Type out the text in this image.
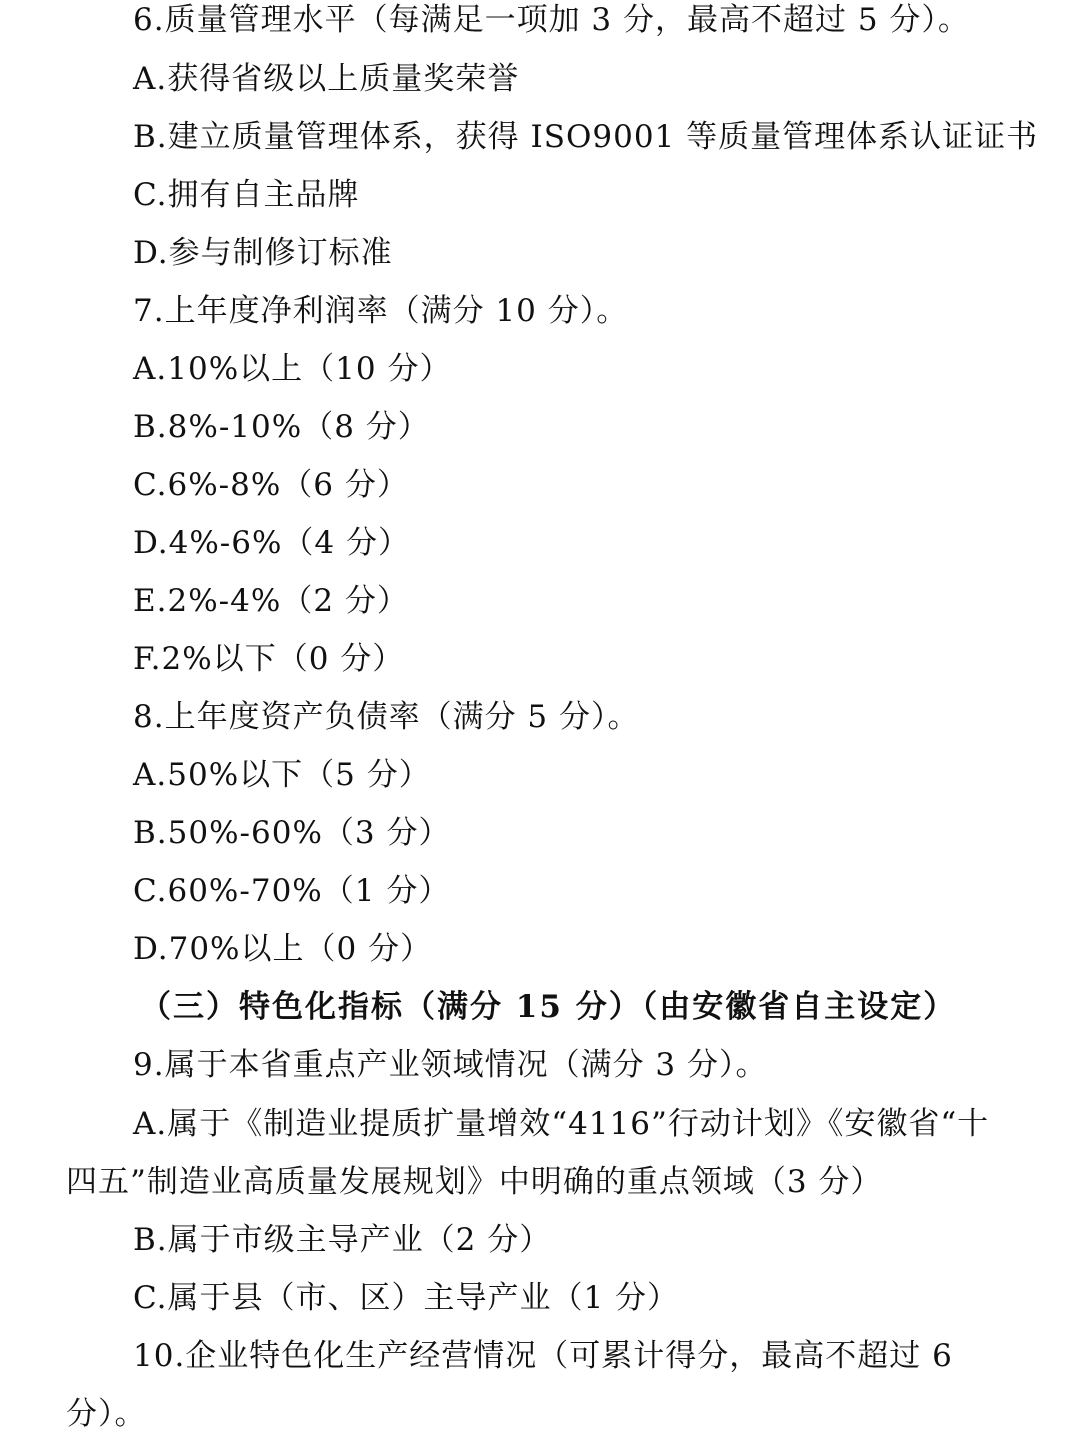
6.质量管理水平（每满足一项加 3 分，最高不超过 5 分）。
A.获得省级以上质量奖荣誉
B.建立质量管理体系，获得 ISO9001 等质量管理体系认证证书
C.拥有自主品牌
D.参与制修订标准
7.上年度净利润率（满分 10 分）。
A.10%以上（10 分）
B.8%-10%（8 分）
C.6%-8%（6 分）
D.4%-6%（4 分）
E.2%-4%（2 分）
F.2%以下（0 分）
8.上年度资产负债率（满分 5 分）。
A.50%以下（5 分）
B.50%-60%（3 分）
C.60%-70%（1 分）
D.70%以上（0 分）
（三）特色化指标（满分 15 分）（由安徽省自主设定）
9.属于本省重点产业领域情况（满分 3 分）。
A.属于《制造业提质扩量增效“4116”行动计划》《安徽省“十
四五”制造业高质量发展规划》中明确的重点领域（3 分）
B.属于市级主导产业（2 分）
C.属于县（市、区）主导产业（1 分）
10.企业特色化生产经营情况（可累计得分，最高不超过 6
分）。
